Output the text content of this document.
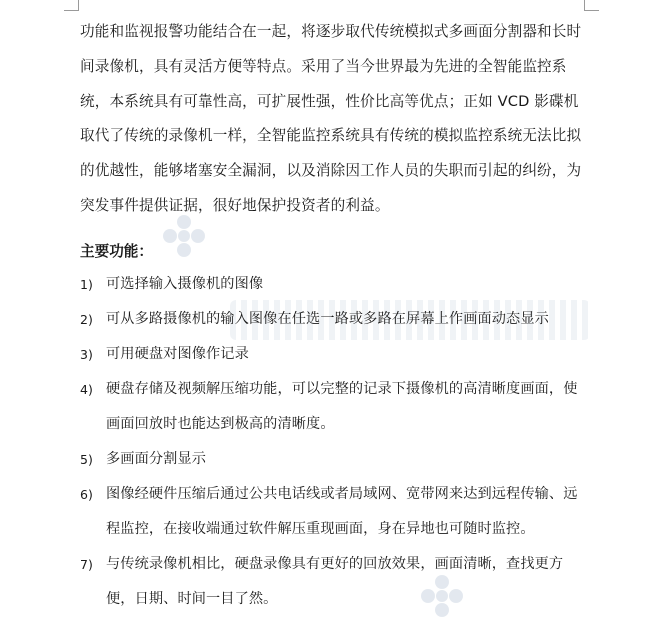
功能和监视报警功能结合在一起，将逐步取代传统模拟式多画面分割器和长时间录像机，具有灵活方便等特点。采用了当今世界最为先进的全智能监控系统，本系统具有可靠性高，可扩展性强，性价比高等优点；正如 VCD 影碟机取代了传统的录像机一样，全智能监控系统具有传统的模拟监控系统无法比拟的优越性，能够堵塞安全漏洞，以及消除因工作人员的失职而引起的纠纷，为突发事件提供证据，很好地保护投资者的利益。

主要功能：
1) 可选择输入摄像机的图像
2) 可从多路摄像机的输入图像在任选一路或多路在屏幕上作画面动态显示
3) 可用硬盘对图像作记录
4) 硬盘存储及视频解压缩功能，可以完整的记录下摄像机的高清晰度画面，使画面回放时也能达到极高的清晰度。
5) 多画面分割显示
6) 图像经硬件压缩后通过公共电话线或者局域网、宽带网来达到远程传输、远程监控，在接收端通过软件解压重现画面，身在异地也可随时监控。
7) 与传统录像机相比，硬盘录像具有更好的回放效果，画面清晰，查找更方便，日期、时间一目了然。
